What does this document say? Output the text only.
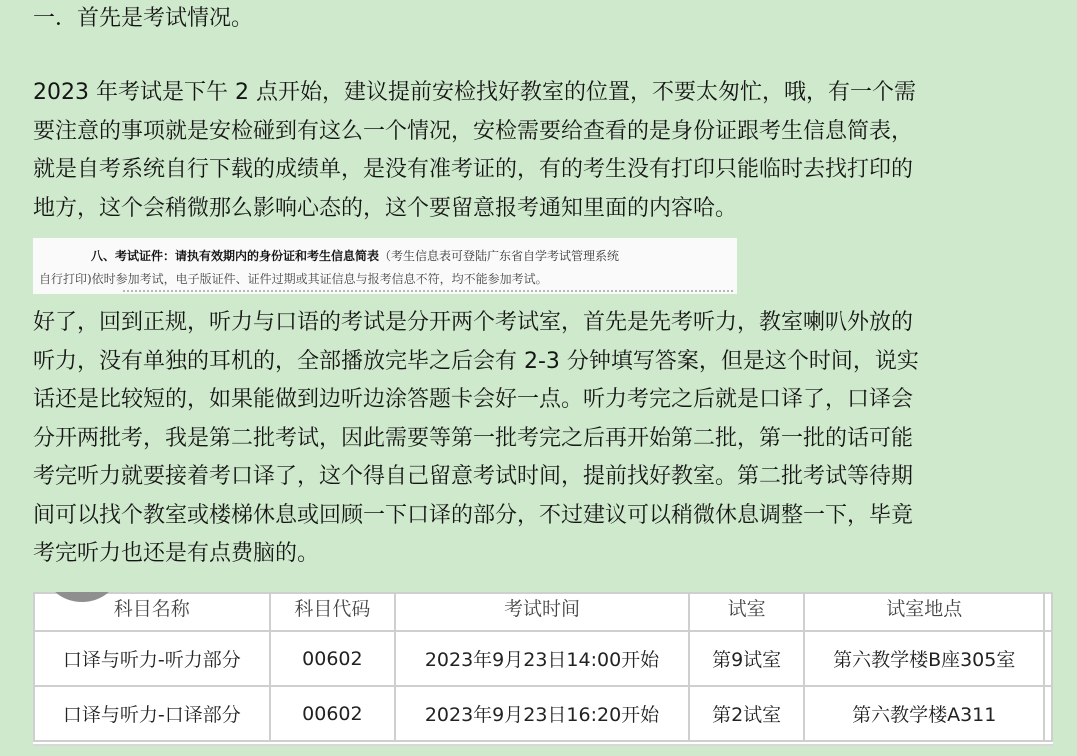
一．首先是考试情况。
2023 年考试是下午 2 点开始，建议提前安检找好教室的位置，不要太匆忙，哦，有一个需
要注意的事项就是安检碰到有这么一个情况，安检需要给查看的是身份证跟考生信息简表，
就是自考系统自行下载的成绩单，是没有准考证的，有的考生没有打印只能临时去找打印的
地方，这个会稍微那么影响心态的，这个要留意报考通知里面的内容哈。
八、考试证件：请执有效期内的身份证和考生信息简表（考生信息表可登陆广东省自学考试管理系统
自行打印)依时参加考试，电子版证件、证件过期或其证信息与报考信息不符，均不能参加考试。
好了，回到正规，听力与口语的考试是分开两个考试室，首先是先考听力，教室喇叭外放的
听力，没有单独的耳机的，全部播放完毕之后会有 2-3 分钟填写答案，但是这个时间，说实
话还是比较短的，如果能做到边听边涂答题卡会好一点。听力考完之后就是口译了，口译会
分开两批考，我是第二批考试，因此需要等第一批考完之后再开始第二批，第一批的话可能
考完听力就要接着考口译了，这个得自己留意考试时间，提前找好教室。第二批考试等待期
间可以找个教室或楼梯休息或回顾一下口译的部分，不过建议可以稍微休息调整一下，毕竟
考完听力也还是有点费脑的。
科目名称	科目代码	考试时间	试室	试室地点	
口译与听力-听力部分	00602	2023年9月23日14:00开始	第9试室	第六教学楼B座305室	
口译与听力-口译部分	00602	2023年9月23日16:20开始	第2试室	第六教学楼A311	
